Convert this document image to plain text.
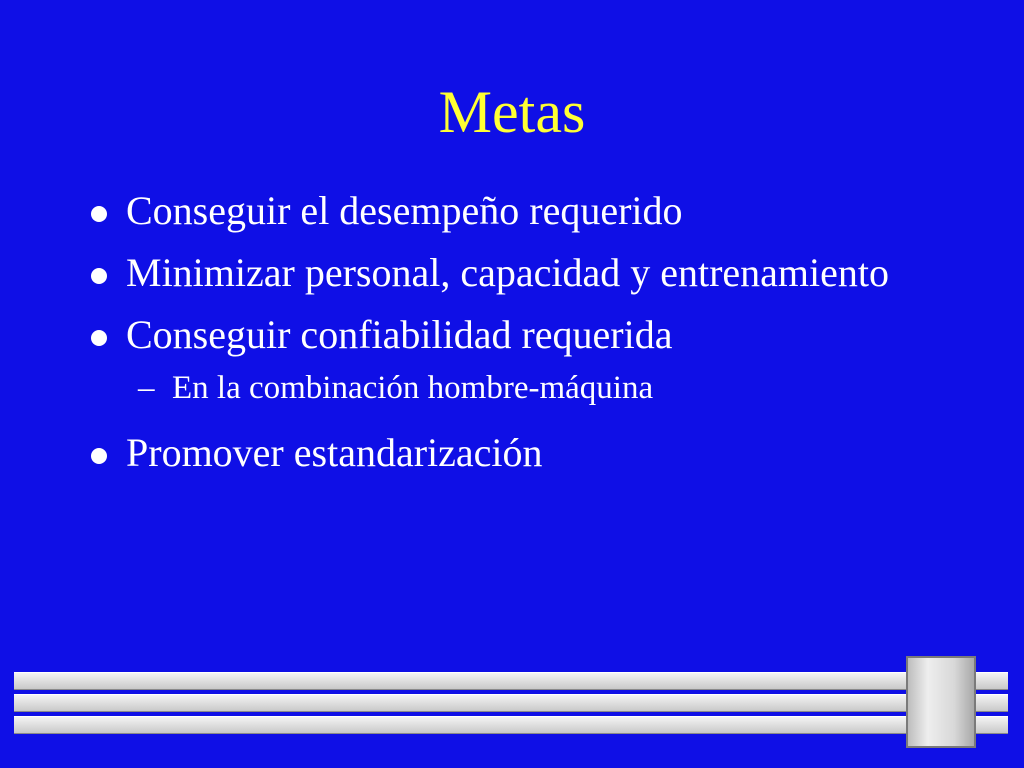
Metas
Conseguir el desempeño requerido
Minimizar personal, capacidad y entrenamiento
Conseguir confiabilidad requerida
– En la combinación hombre-máquina
Promover estandarización
